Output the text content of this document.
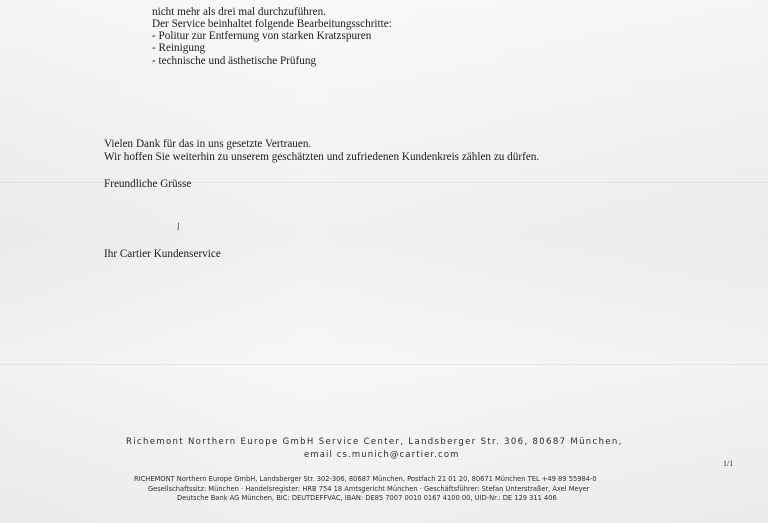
nicht mehr als drei mal durchzuführen.
Der Service beinhaltet folgende Bearbeitungsschritte:
- Politur zur Entfernung von starken Kratzspuren
- Reinigung
- technische und ästhetische Prüfung
Vielen Dank für das in uns gesetzte Vertrauen.
Wir hoffen Sie weiterhin zu unserem geschätzten und zufriedenen Kundenkreis zählen zu dürfen.
Freundliche Grüsse
/
Ihr Cartier Kundenservice
Richemont Northern Europe GmbH Service Center, Landsberger Str. 306, 80687 München,
email cs.munich@cartier.com
1/1
RICHEMONT Northern Europe GmbH, Landsberger Str. 302-306, 80687 München, Postfach 21 01 20, 80671 München TEL +49 89 55984-0
Gesellschaftssitz: München · Handelsregister: HRB 754 18 Amtsgericht München · Geschäftsführer: Stefan Unterstraßer, Axel Meyer
Deutsche Bank AG München, BIC: DEUTDEFFVAC, IBAN: DE85 7007 0010 0167 4100 00, UID-Nr.: DE 129 311 406
